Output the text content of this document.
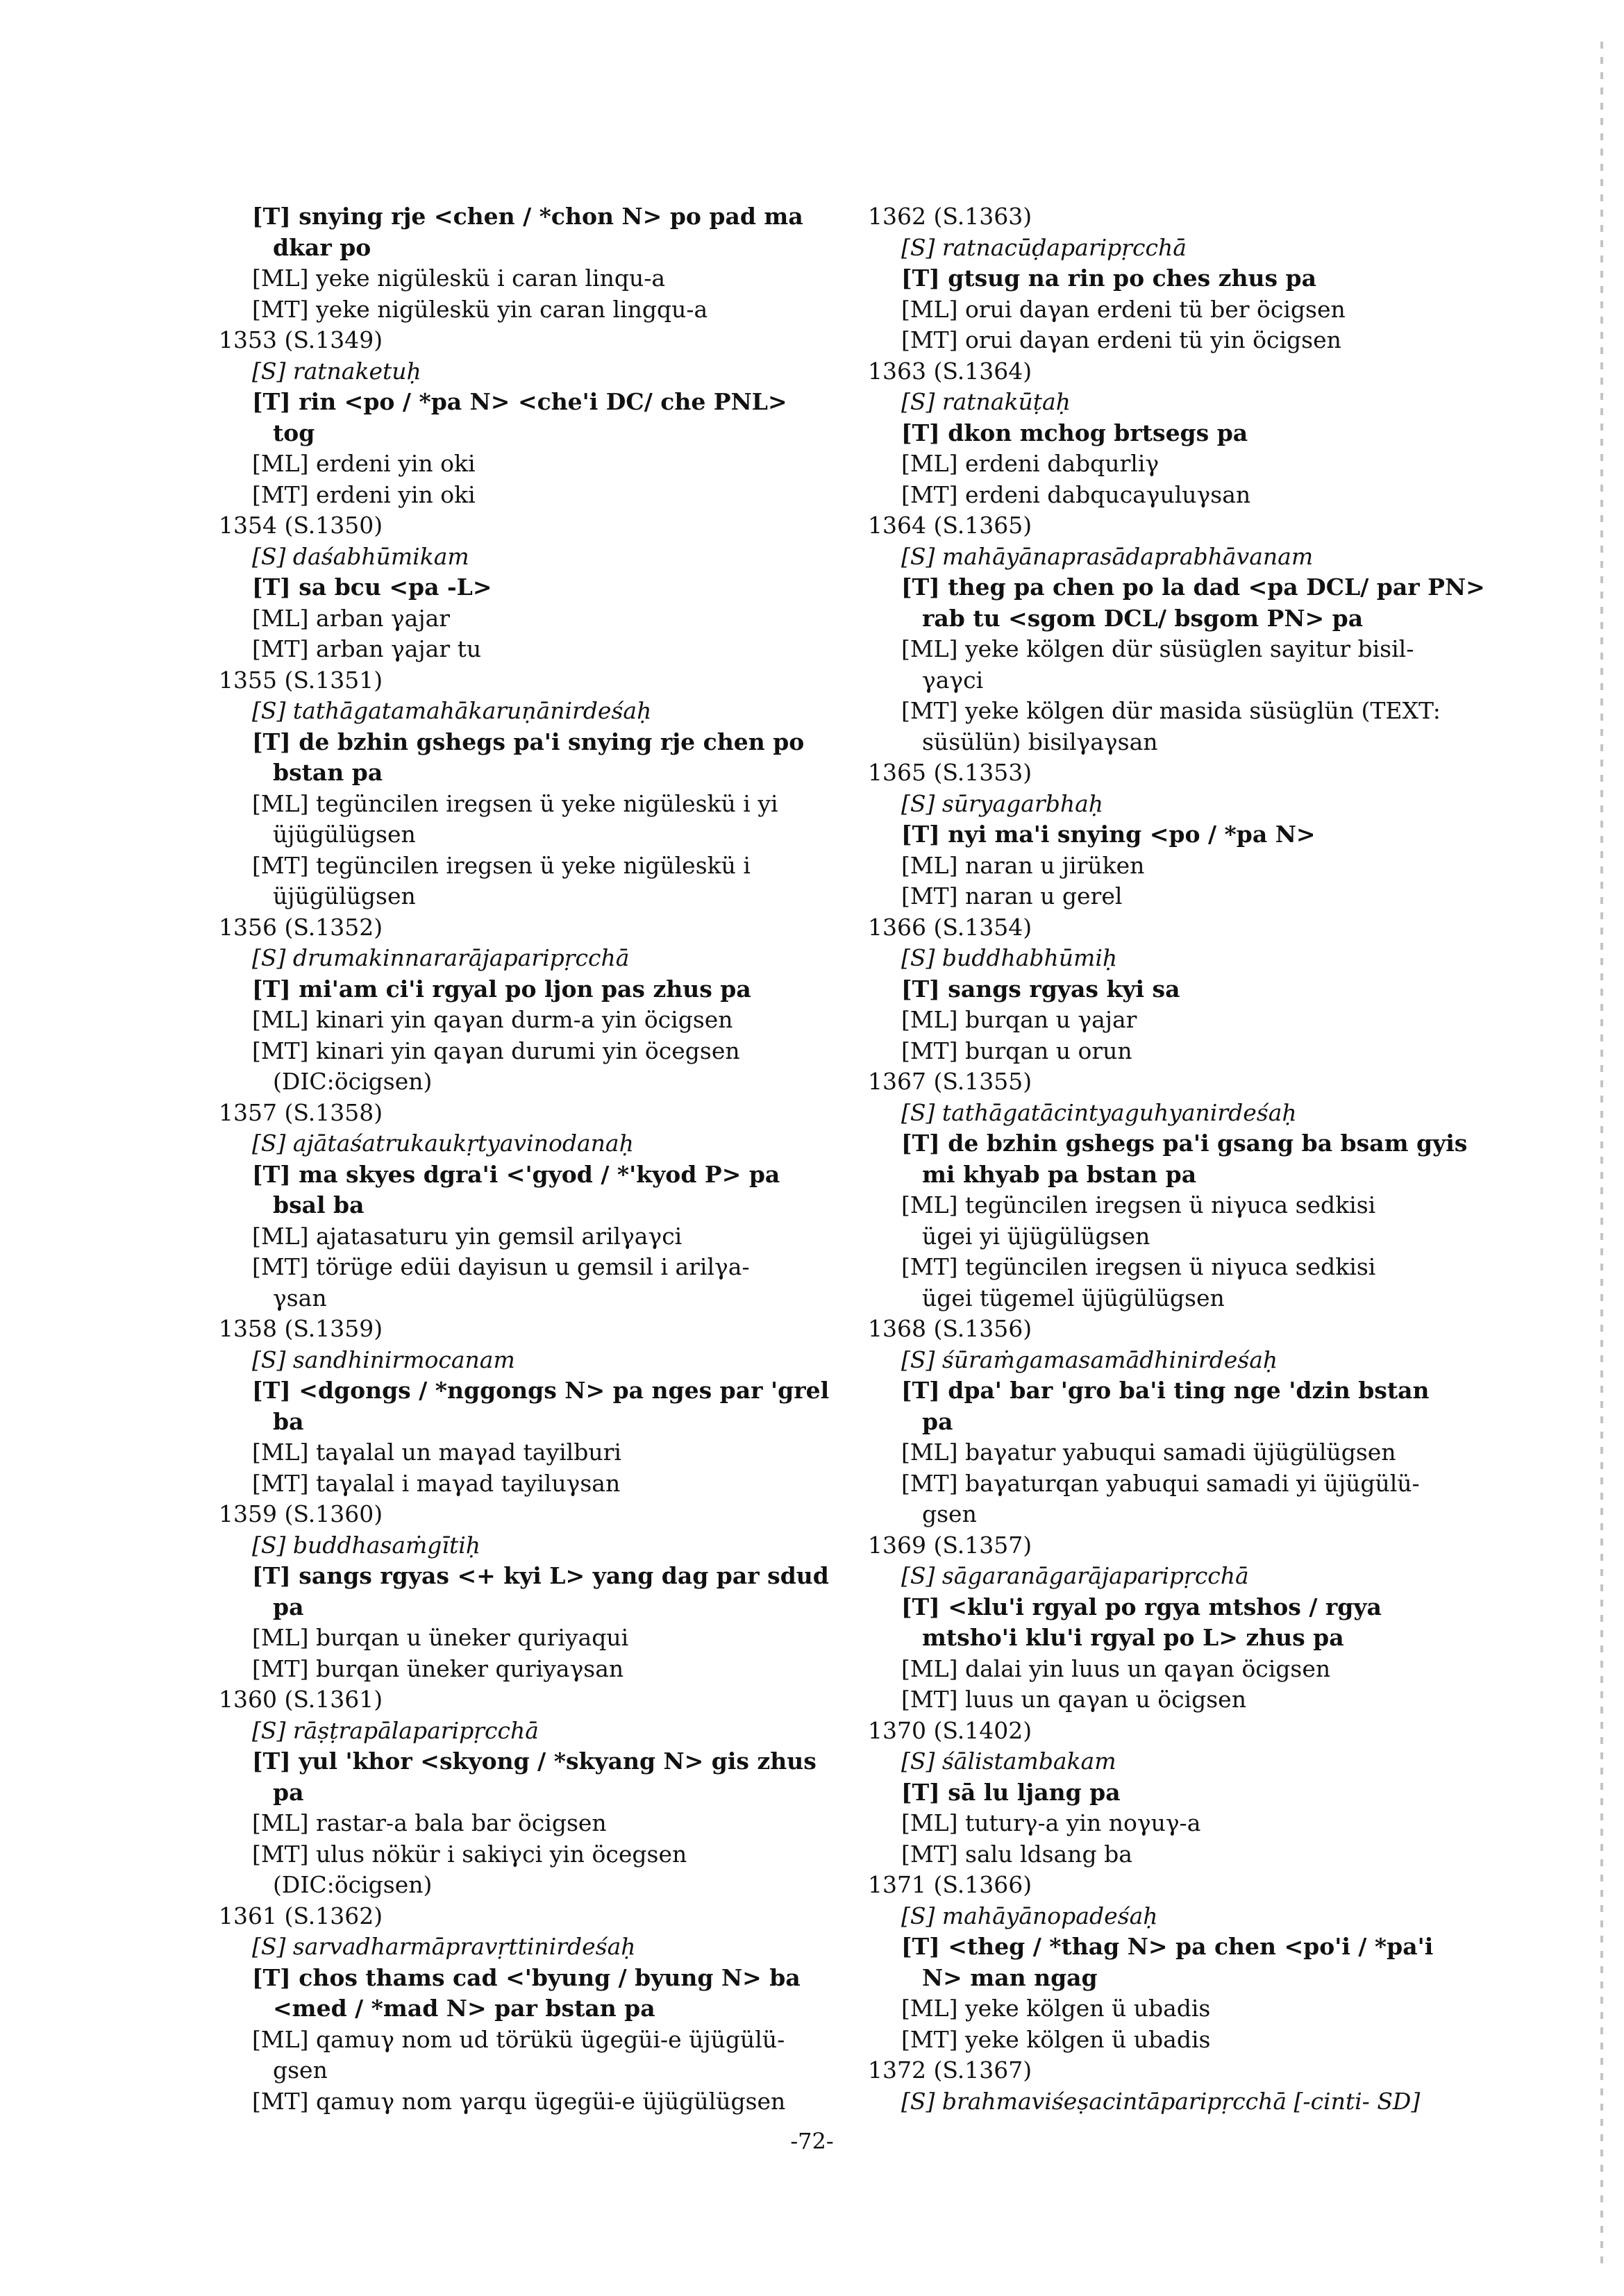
[T] snying rje <chen / *chon N> po pad ma
dkar po
[ML] yeke nigüleskü i caran linqu-a
[MT] yeke nigüleskü yin caran lingqu-a
1353 (S.1349)
[S] ratnaketuḥ
[T] rin <po / *pa N> <che'i DC/ che PNL>
tog
[ML] erdeni yin oki
[MT] erdeni yin oki
1354 (S.1350)
[S] daśabhūmikam
[T] sa bcu <pa -L>
[ML] arban γajar
[MT] arban γajar tu
1355 (S.1351)
[S] tathāgatamahākaruṇānirdeśaḥ
[T] de bzhin gshegs pa'i snying rje chen po
bstan pa
[ML] tegüncilen iregsen ü yeke nigüleskü i yi
üjügülügsen
[MT] tegüncilen iregsen ü yeke nigüleskü i
üjügülügsen
1356 (S.1352)
[S] drumakinnararājaparipṛcchā
[T] mi'am ci'i rgyal po ljon pas zhus pa
[ML] kinari yin qaγan durm-a yin öcigsen
[MT] kinari yin qaγan durumi yin öcegsen
(DIC:öcigsen)
1357 (S.1358)
[S] ajātaśatrukaukṛtyavinodanaḥ
[T] ma skyes dgra'i <'gyod / *'kyod P> pa
bsal ba
[ML] ajatasaturu yin gemsil arilγaγci
[MT] törüge edüi dayisun u gemsil i arilγa-
γsan
1358 (S.1359)
[S] sandhinirmocanam
[T] <dgongs / *nggongs N> pa nges par 'grel
ba
[ML] taγalal un maγad tayilburi
[MT] taγalal i maγad tayiluγsan
1359 (S.1360)
[S] buddhasaṁgītiḥ
[T] sangs rgyas <+ kyi L> yang dag par sdud
pa
[ML] burqan u üneker quriyaqui
[MT] burqan üneker quriyaγsan
1360 (S.1361)
[S] rāṣṭrapālaparipṛcchā
[T] yul 'khor <skyong / *skyang N> gis zhus
pa
[ML] rastar-a bala bar öcigsen
[MT] ulus nökür i sakiγci yin öcegsen
(DIC:öcigsen)
1361 (S.1362)
[S] sarvadharmāpravṛttinirdeśaḥ
[T] chos thams cad <'byung / byung N> ba
<med / *mad N> par bstan pa
[ML] qamuγ nom ud törükü ügegüi-e üjügülü-
gsen
[MT] qamuγ nom γarqu ügegüi-e üjügülügsen
1362 (S.1363)
[S] ratnacūḍaparipṛcchā
[T] gtsug na rin po ches zhus pa
[ML] orui daγan erdeni tü ber öcigsen
[MT] orui daγan erdeni tü yin öcigsen
1363 (S.1364)
[S] ratnakūṭaḥ
[T] dkon mchog brtsegs pa
[ML] erdeni dabqurliγ
[MT] erdeni dabqucaγuluγsan
1364 (S.1365)
[S] mahāyānaprasādaprabhāvanam
[T] theg pa chen po la dad <pa DCL/ par PN>
rab tu <sgom DCL/ bsgom PN> pa
[ML] yeke kölgen dür süsüglen sayitur bisil-
γaγci
[MT] yeke kölgen dür masida süsüglün (TEXT:
süsülün) bisilγaγsan
1365 (S.1353)
[S] sūryagarbhaḥ
[T] nyi ma'i snying <po / *pa N>
[ML] naran u jirüken
[MT] naran u gerel
1366 (S.1354)
[S] buddhabhūmiḥ
[T] sangs rgyas kyi sa
[ML] burqan u γajar
[MT] burqan u orun
1367 (S.1355)
[S] tathāgatācintyaguhyanirdeśaḥ
[T] de bzhin gshegs pa'i gsang ba bsam gyis
mi khyab pa bstan pa
[ML] tegüncilen iregsen ü niγuca sedkisi
ügei yi üjügülügsen
[MT] tegüncilen iregsen ü niγuca sedkisi
ügei tügemel üjügülügsen
1368 (S.1356)
[S] śūraṁgamasamādhinirdeśaḥ
[T] dpa' bar 'gro ba'i ting nge 'dzin bstan
pa
[ML] baγatur yabuqui samadi üjügülügsen
[MT] baγaturqan yabuqui samadi yi üjügülü-
gsen
1369 (S.1357)
[S] sāgaranāgarājaparipṛcchā
[T] <klu'i rgyal po rgya mtshos / rgya
mtsho'i klu'i rgyal po L> zhus pa
[ML] dalai yin luus un qaγan öcigsen
[MT] luus un qaγan u öcigsen
1370 (S.1402)
[S] śālistambakam
[T] sā lu ljang pa
[ML] tuturγ-a yin noγuγ-a
[MT] salu ldsang ba
1371 (S.1366)
[S] mahāyānopadeśaḥ
[T] <theg / *thag N> pa chen <po'i / *pa'i
N> man ngag
[ML] yeke kölgen ü ubadis
[MT] yeke kölgen ü ubadis
1372 (S.1367)
[S] brahmaviśeṣacintāparipṛcchā [-cinti- SD]
-72-
